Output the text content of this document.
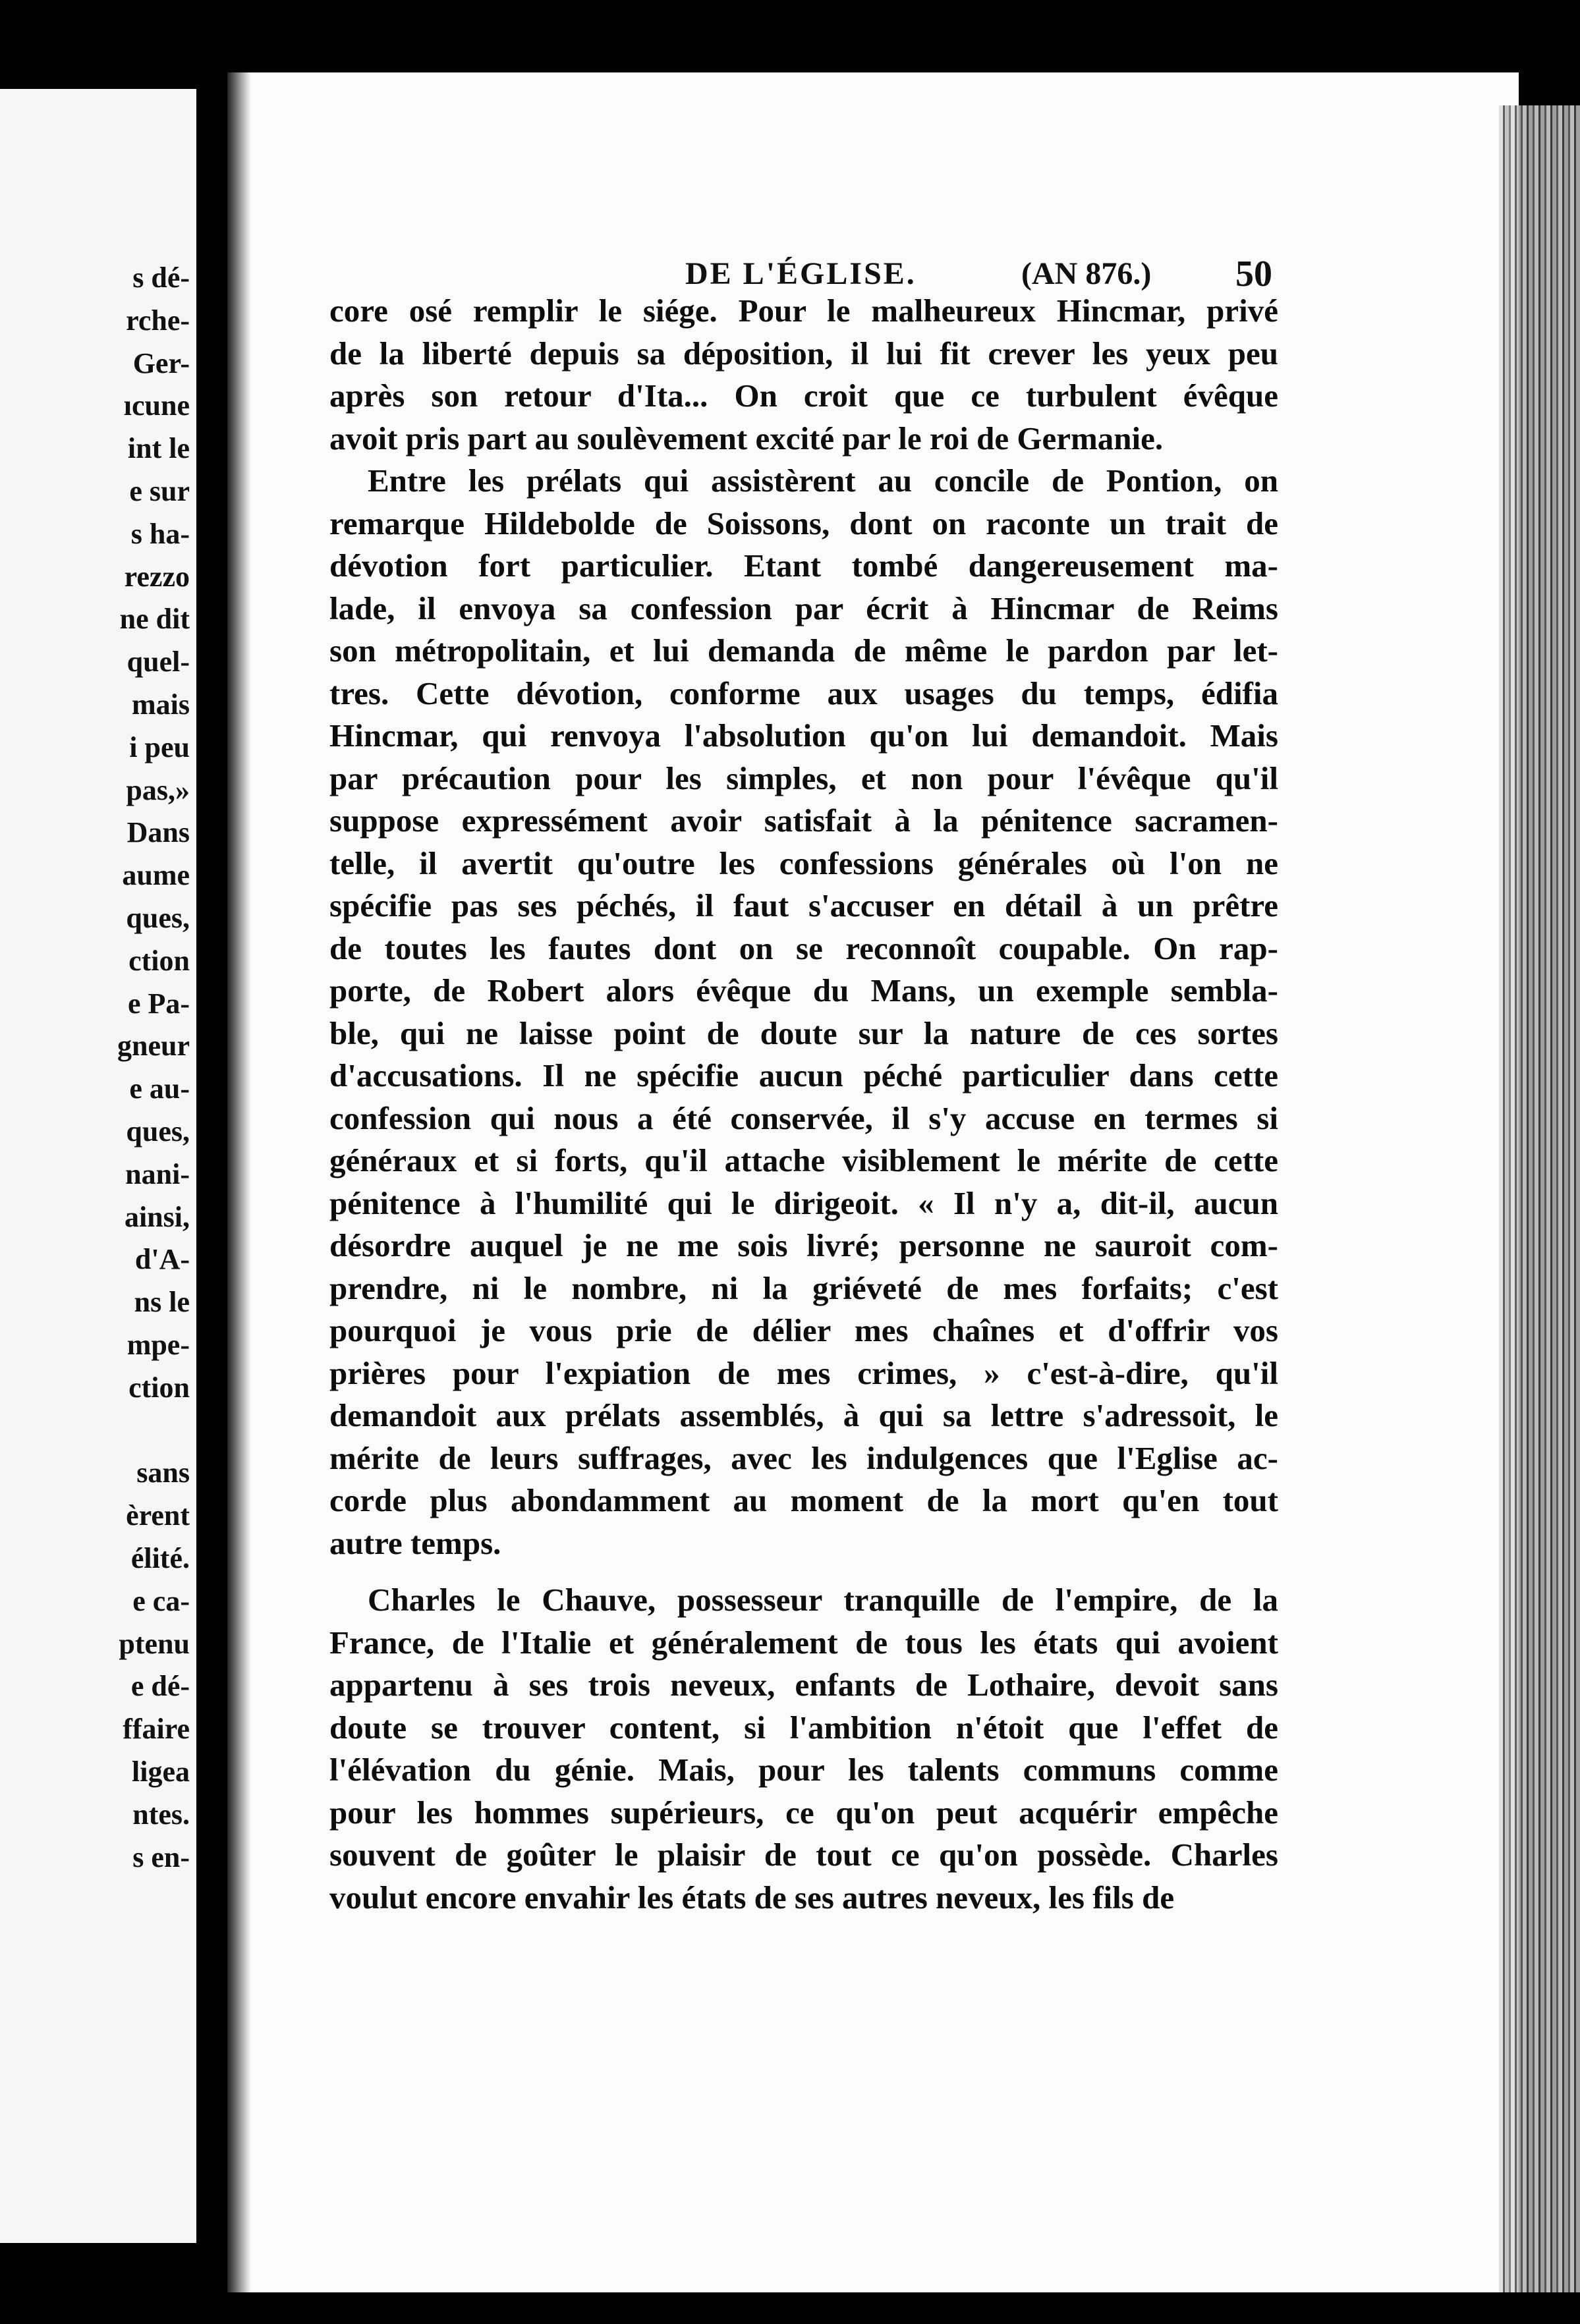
s dé-
rche-
Ger-
ıcune
int le
e sur
s ha-
rezzo
ne dit
quel-
mais
i peu
pas,»
Dans
aume
ques,
ction
e Pa-
gneur
e au-
ques,
nani-
ainsi,
d'A-
ns le
mpe-
ction
sans
èrent
élité.
e ca-
ptenu
e dé-
ffaire
ligea
ntes.
s en-
DE L'ÉGLISE.	(AN 876.) 50
core osé remplir le siége. Pour le malheureux Hincmar, privé
de la liberté depuis sa déposition, il lui fit crever les yeux peu
après son retour d'Ita... On croit que ce turbulent évêque
avoit pris part au soulèvement excité par le roi de Germanie.
Entre les prélats qui assistèrent au concile de Pontion, on
remarque Hildebolde de Soissons, dont on raconte un trait de
dévotion fort particulier. Etant tombé dangereusement ma-
lade, il envoya sa confession par écrit à Hincmar de Reims
son métropolitain, et lui demanda de même le pardon par let-
tres. Cette dévotion, conforme aux usages du temps, édifia
Hincmar, qui renvoya l'absolution qu'on lui demandoit. Mais
par précaution pour les simples, et non pour l'évêque qu'il
suppose expressément avoir satisfait à la pénitence sacramen-
telle, il avertit qu'outre les confessions générales où l'on ne
spécifie pas ses péchés, il faut s'accuser en détail à un prêtre
de toutes les fautes dont on se reconnoît coupable. On rap-
porte, de Robert alors évêque du Mans, un exemple sembla-
ble, qui ne laisse point de doute sur la nature de ces sortes
d'accusations. Il ne spécifie aucun péché particulier dans cette
confession qui nous a été conservée, il s'y accuse en termes si
généraux et si forts, qu'il attache visiblement le mérite de cette
pénitence à l'humilité qui le dirigeoit. « Il n'y a, dit-il, aucun
désordre auquel je ne me sois livré; personne ne sauroit com-
prendre, ni le nombre, ni la griéveté de mes forfaits; c'est
pourquoi je vous prie de délier mes chaînes et d'offrir vos
prières pour l'expiation de mes crimes, » c'est-à-dire, qu'il
demandoit aux prélats assemblés, à qui sa lettre s'adressoit, le
mérite de leurs suffrages, avec les indulgences que l'Eglise ac-
corde plus abondamment au moment de la mort qu'en tout
autre temps.
Charles le Chauve, possesseur tranquille de l'empire, de la
France, de l'Italie et généralement de tous les états qui avoient
appartenu à ses trois neveux, enfants de Lothaire, devoit sans
doute se trouver content, si l'ambition n'étoit que l'effet de
l'élévation du génie. Mais, pour les talents communs comme
pour les hommes supérieurs, ce qu'on peut acquérir empêche
souvent de goûter le plaisir de tout ce qu'on possède. Charles
voulut encore envahir les états de ses autres neveux, les fils de
